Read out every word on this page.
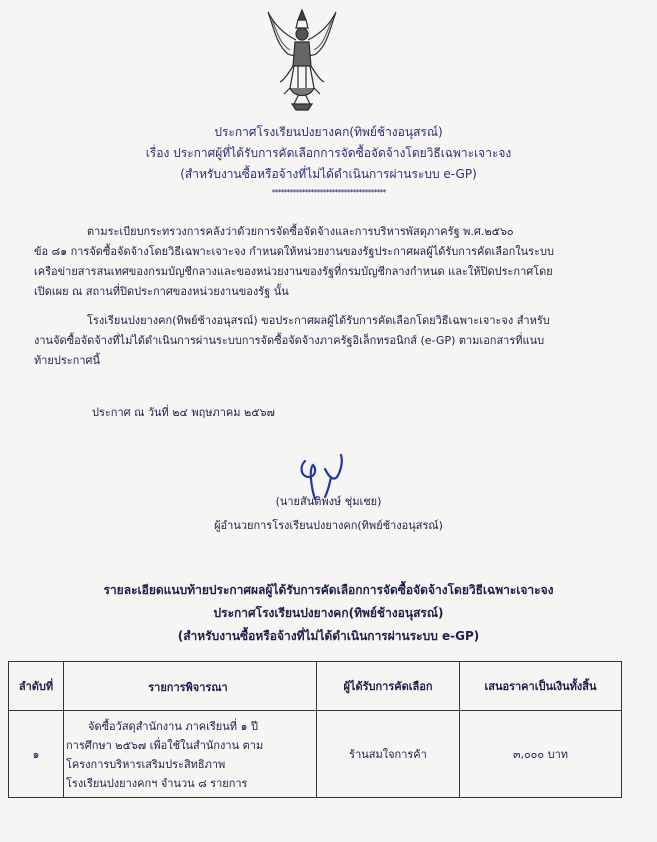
ประกาศโรงเรียนปงยางคก(ทิพย์ช้างอนุสรณ์)
เรื่อง ประกาศผู้ที่ได้รับการคัดเลือกการจัดซื้อจัดจ้างโดยวิธีเฉพาะเจาะจง
(สำหรับงานซื้อหรือจ้างที่ไม่ได้ดำเนินการผ่านระบบ e-GP)
**************************************
ตามระเบียบกระทรวงการคลังว่าด้วยการจัดซื้อจัดจ้างและการบริหารพัสดุภาครัฐ พ.ศ.๒๕๖๐
ข้อ ๘๑ การจัดซื้อจัดจ้างโดยวิธีเฉพาะเจาะจง กำหนดให้หน่วยงานของรัฐประกาศผลผู้ได้รับการคัดเลือกในระบบ
เครือข่ายสารสนเทศของกรมบัญชีกลางและของหน่วยงานของรัฐที่กรมบัญชีกลางกำหนด และให้ปิดประกาศโดย
เปิดเผย ณ สถานที่ปิดประกาศของหน่วยงานของรัฐ นั้น
โรงเรียนปงยางคก(ทิพย์ช้างอนุสรณ์) ขอประกาศผลผู้ได้รับการคัดเลือกโดยวิธีเฉพาะเจาะจง สำหรับ
งานจัดซื้อจัดจ้างที่ไม่ได้ดำเนินการผ่านระบบการจัดซื้อจัดจ้างภาครัฐอิเล็กทรอนิกส์ (e-GP) ตามเอกสารที่แนบ
ท้ายประกาศนี้
ประกาศ ณ วันที่ ๒๔ พฤษภาคม ๒๕๖๗
(นายสันติพงษ์ ชุ่มเชย)
ผู้อำนวยการโรงเรียนปงยางคก(ทิพย์ช้างอนุสรณ์)
รายละเอียดแนบท้ายประกาศผลผู้ได้รับการคัดเลือกการจัดซื้อจัดจ้างโดยวิธีเฉพาะเจาะจง
ประกาศโรงเรียนปงยางคก(ทิพย์ช้างอนุสรณ์)
(สำหรับงานซื้อหรือจ้างที่ไม่ได้ดำเนินการผ่านระบบ e-GP)
ลำดับที่	รายการพิจารณา	ผู้ได้รับการคัดเลือก	เสนอราคาเป็นเงินทั้งสิ้น
๑	จัดซื้อวัสดุสำนักงาน ภาคเรียนที่ ๑ ปี
การศึกษา ๒๕๖๗ เพื่อใช้ในสำนักงาน ตาม
โครงการบริหารเสริมประสิทธิภาพ
โรงเรียนปงยางคกฯ จำนวน ๘ รายการ	ร้านสมใจการค้า	๓,๐๐๐ บาท
